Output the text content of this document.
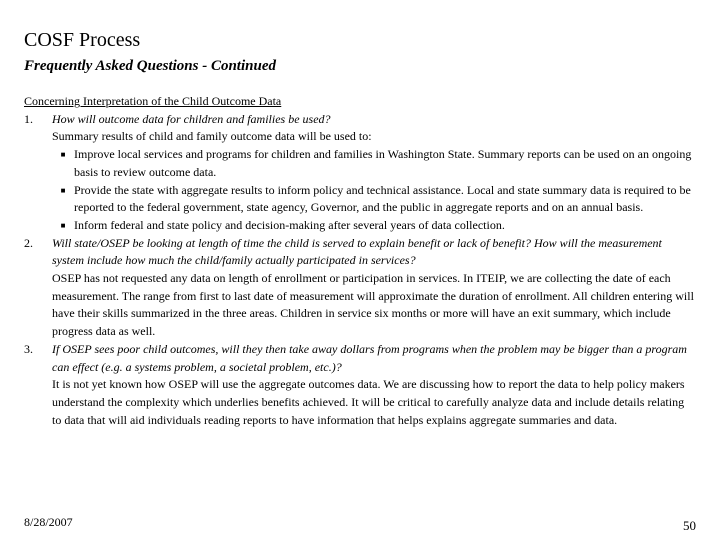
COSF Process
Frequently Asked Questions - Continued
Concerning Interpretation of the Child Outcome Data
1.	How will outcome data for children and families be used?
Summary results of child and family outcome data will be used to:
■ Improve local services and programs for children and families in Washington State. Summary reports can be used on an ongoing basis to review outcome data.
■ Provide the state with aggregate results to inform policy and technical assistance. Local and state summary data is required to be reported to the federal government, state agency, Governor, and the public in aggregate reports and on an annual basis.
■ Inform federal and state policy and decision-making after several years of data collection.
2.	Will state/OSEP be looking at length of time the child is served to explain benefit or lack of benefit? How will the measurement system include how much the child/family actually participated in services?
OSEP has not requested any data on length of enrollment or participation in services. In ITEIP, we are collecting the date of each measurement. The range from first to last date of measurement will approximate the duration of enrollment. All children entering will have their skills summarized in the three areas. Children in service six months or more will have an exit summary, which include progress data as well.
3.	If OSEP sees poor child outcomes, will they then take away dollars from programs when the problem may be bigger than a program can effect (e.g. a systems problem, a societal problem, etc.)?
It is not yet known how OSEP will use the aggregate outcomes data. We are discussing how to report the data to help policy makers understand the complexity which underlies benefits achieved. It will be critical to carefully analyze data and include details relating to data that will aid individuals reading reports to have information that helps explains aggregate summaries and data.
8/28/2007	50
